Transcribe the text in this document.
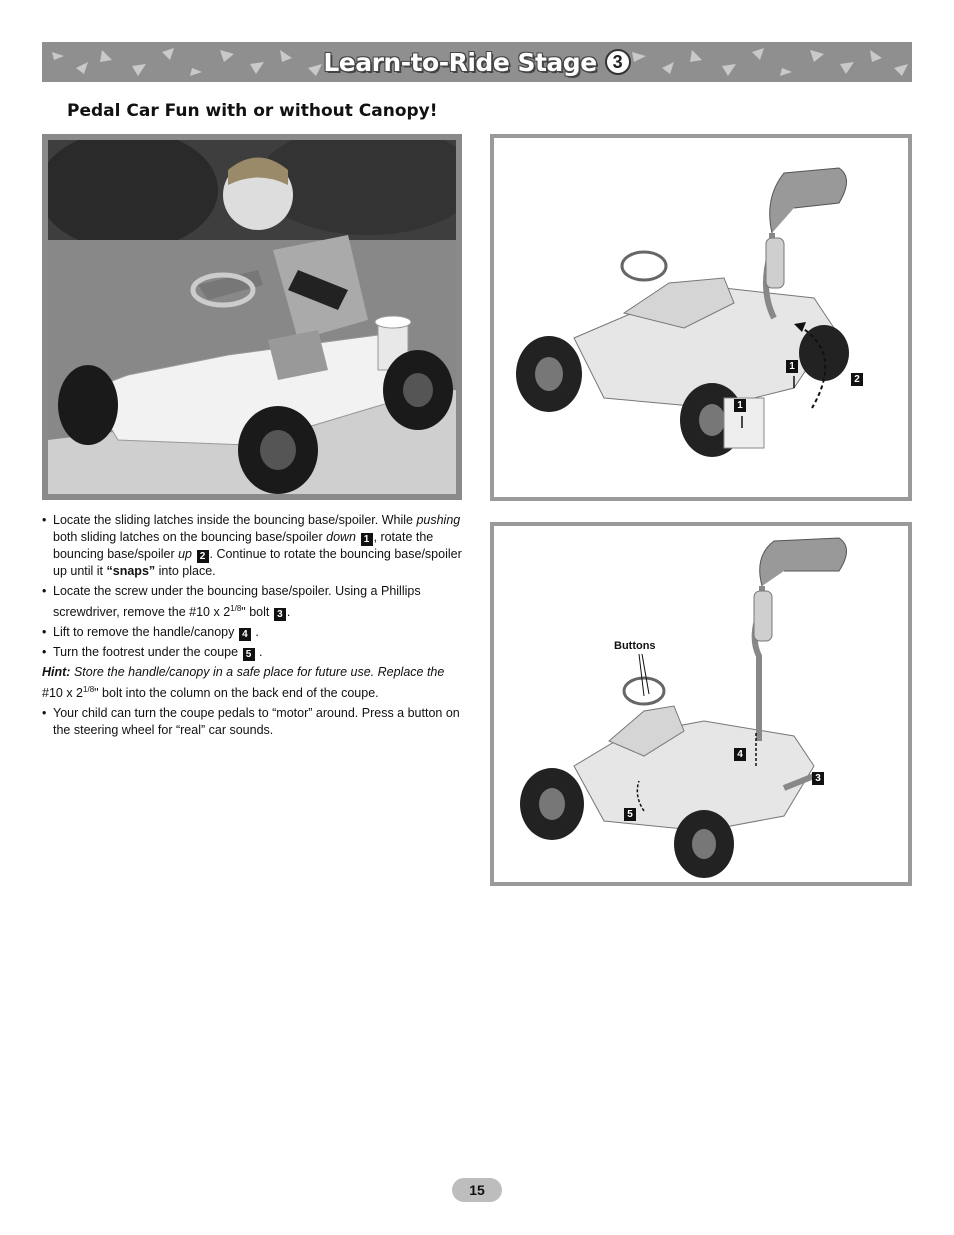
Learn-to-Ride Stage 3
Pedal Car Fun with or without Canopy!
1
1
2
Buttons
4
3
5
• Locate the sliding latches inside the bouncing base/spoiler. While pushing both sliding latches on the bouncing base/spoiler down 1 , rotate the bouncing base/spoiler up 2 . Continue to rotate the bouncing base/spoiler up until it “snaps” into place.
• Locate the screw under the bouncing base/spoiler. Using a Phillips screwdriver, remove the #10 x $2^{1/8}$" bolt 3 .
• Lift to remove the handle/canopy 4 .
• Turn the footrest under the coupe 5 .
Hint: Store the handle/canopy in a safe place for future use. Replace the #10 x $2^{1/8}$" bolt into the column on the back end of the coupe.
• Your child can turn the coupe pedals to “motor” around. Press a button on the steering wheel for “real” car sounds.
15
